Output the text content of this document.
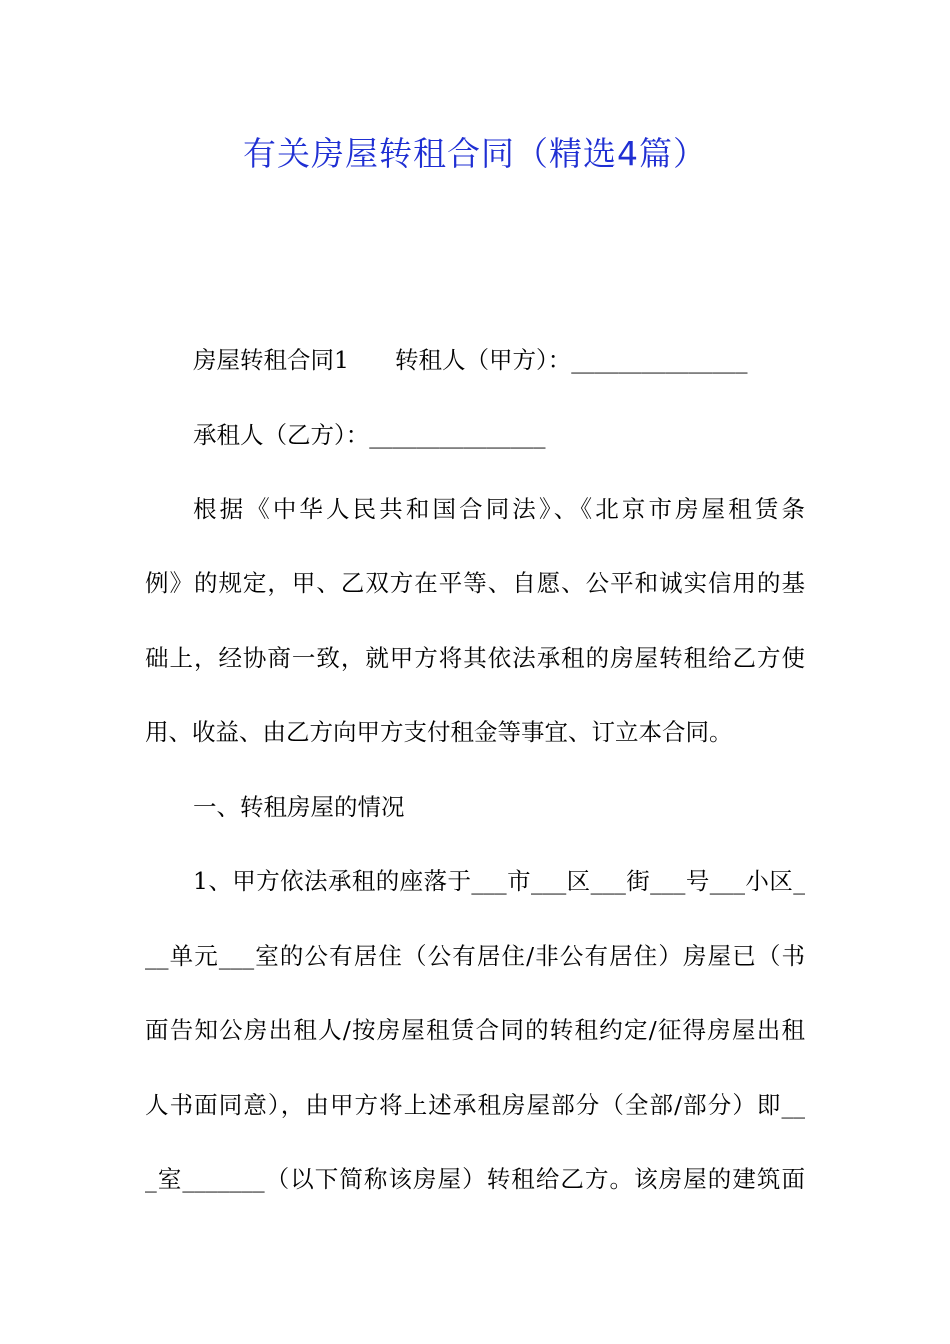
有关房屋转租合同（精选4篇）
房屋转租合同1 转租人（甲方）：_______________
承租人（乙方）：_______________
根据《中华人民共和国合同法》、《北京市房屋租赁条
例》的规定，甲、乙双方在平等、自愿、公平和诚实信用的基
础上，经协商一致，就甲方将其依法承租的房屋转租给乙方使
用、收益、由乙方向甲方支付租金等事宜、订立本合同。
一、转租房屋的情况
1、甲方依法承租的座落于___市___区___街___号___小区_
__单元___室的公有居住（公有居住/非公有居住）房屋已（书
面告知公房出租人/按房屋租赁合同的转租约定/征得房屋出租
人书面同意），由甲方将上述承租房屋部分（全部/部分）即__
_室_______（以下简称该房屋）转租给乙方。该房屋的建筑面
